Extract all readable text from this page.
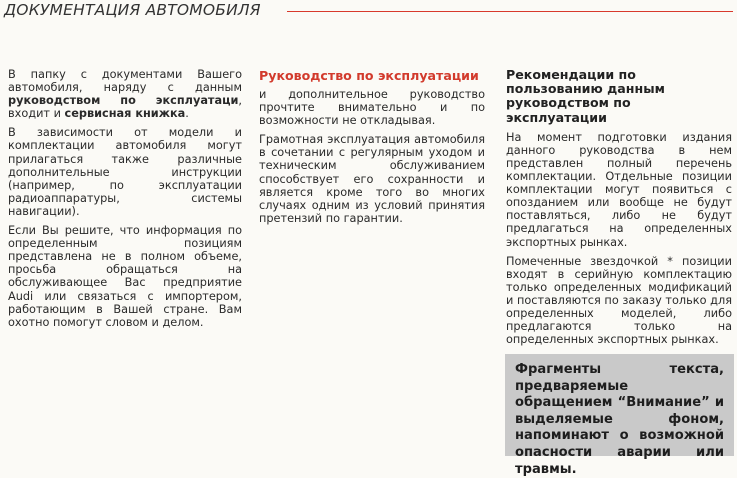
ДОКУМЕНТАЦИЯ АВТОМОБИЛЯ

В папку с документами Вашего автомобиля, наряду с данным руководством по эксплуатаци, входит и сервисная книжка.

В зависимости от модели и комплектации автомобиля могут прилагаться также различные дополнительные инструкции (например, по эксплуатации радиоаппаратуры, системы навигации).

Если Вы решите, что информация по определенным позициям представлена не в полном объеме, просьба обращаться на обслуживающее Вас предприятие Audi или связаться с импортером, работающим в Вашей стране. Вам охотно помогут словом и делом.

Руководство по эксплуатации

и дополнительное руководство прочтите внимательно и по возможности не откладывая.

Грамотная эксплуатация автомобиля в сочетании с регулярным уходом и техническим обслуживанием способствует его сохранности и является кроме того во многих случаях одним из условий принятия претензий по гарантии.

Рекомендации по пользованию данным руководством по эксплуатации

На момент подготовки издания данного руководства в нем представлен полный перечень комплектации. Отдельные позиции комплектации могут появиться с опозданием или вообще не будут поставляться, либо не будут предлагаться на определенных экспортных рынках.

Помеченные звездочкой * позиции входят в серийную комплектацию только определенных модификаций и поставляются по заказу только для определенных моделей, либо предлагаются только на определенных экспортных рынках.

Фрагменты текста, предваряемые обращением “Внимание” и выделяемые фоном, напоминают о возможной опасности аварии или травмы.
